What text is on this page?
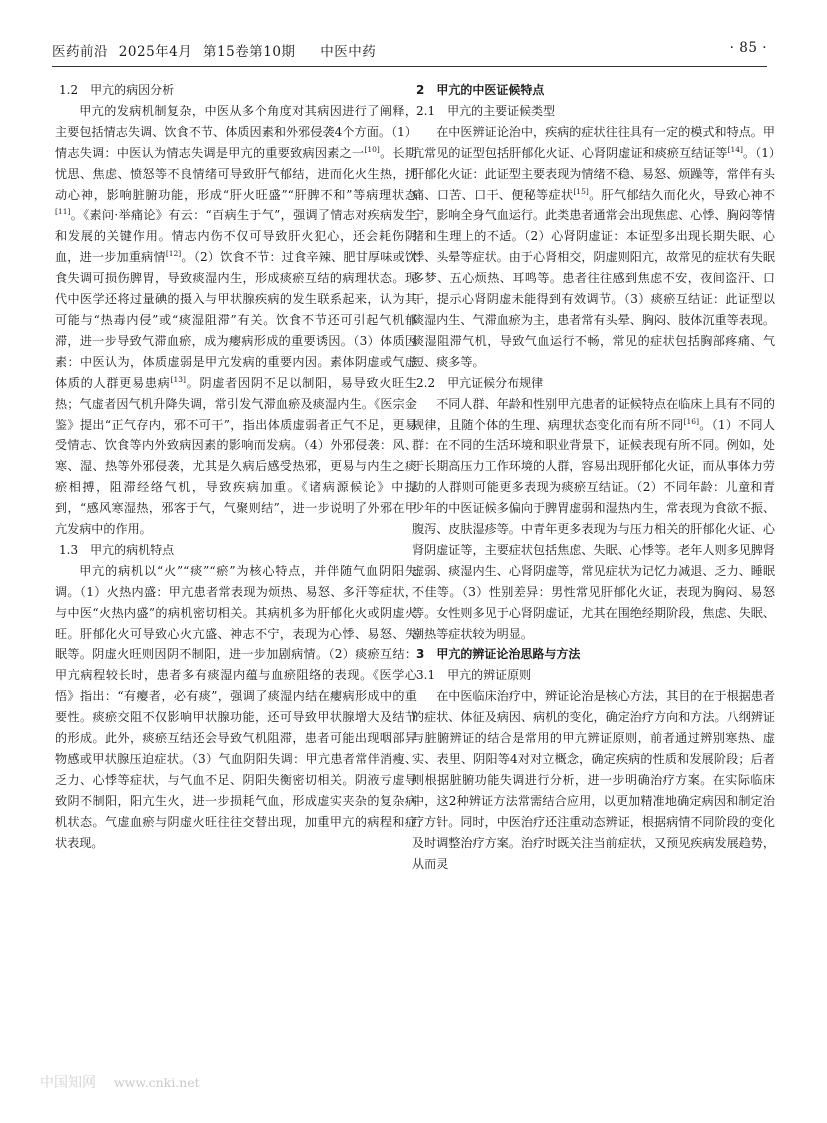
医药前沿 2025年4月 第15卷第10期 中医中药	· 85 ·

1.2　甲亢的病因分析

甲亢的发病机制复杂，中医从多个角度对其病因进行了阐释，主要包括情志失调、饮食不节、体质因素和外邪侵袭4个方面。（1）情志失调：中医认为情志失调是甲亢的重要致病因素之一[10]。长期忧思、焦虑、愤怒等不良情绪可导致肝气郁结，进而化火生热，扰动心神，影响脏腑功能，形成“肝火旺盛”“肝脾不和”等病理状态[11]。《素问·举痛论》有云：“百病生于气”，强调了情志对疾病发生和发展的关键作用。情志内伤不仅可导致肝火犯心，还会耗伤阴血，进一步加重病情[12]。（2）饮食不节：过食辛辣、肥甘厚味或饮食失调可损伤脾胃，导致痰湿内生，形成痰瘀互结的病理状态。现代中医学还将过量碘的摄入与甲状腺疾病的发生联系起来，认为其可能与“热毒内侵”或“痰湿阻滞”有关。饮食不节还可引起气机郁滞，进一步导致气滞血瘀，成为瘿病形成的重要诱因。（3）体质因素：中医认为，体质虚弱是甲亢发病的重要内因。素体阴虚或气虚体质的人群更易患病[13]。阴虚者因阴不足以制阳，易导致火旺生热；气虚者因气机升降失调，常引发气滞血瘀及痰湿内生。《医宗金鉴》提出“正气存内，邪不可干”，指出体质虚弱者正气不足，更易受情志、饮食等内外致病因素的影响而发病。（4）外邪侵袭：风、寒、湿、热等外邪侵袭，尤其是久病后感受热邪，更易与内生之痰瘀相搏，阻滞经络气机，导致疾病加重。《诸病源候论》中提到，“感风寒湿热，邪客于气，气聚则结”，进一步说明了外邪在甲亢发病中的作用。

1.3　甲亢的病机特点

甲亢的病机以“火”“痰”“瘀”为核心特点，并伴随气血阴阳失调。（1）火热内盛：甲亢患者常表现为烦热、易怒、多汗等症状，与中医“火热内盛”的病机密切相关。其病机多为肝郁化火或阴虚火旺。肝郁化火可导致心火亢盛、神志不宁，表现为心悸、易怒、失眠等。阴虚火旺则因阴不制阳，进一步加剧病情。（2）痰瘀互结：甲亢病程较长时，患者多有痰湿内蕴与血瘀阻络的表现。《医学心悟》指出：“有瘿者，必有痰”，强调了痰湿内结在瘿病形成中的重要性。痰瘀交阻不仅影响甲状腺功能，还可导致甲状腺增大及结节的形成。此外，痰瘀互结还会导致气机阻滞，患者可能出现咽部异物感或甲状腺压迫症状。（3）气血阴阳失调：甲亢患者常伴消瘦、乏力、心悸等症状，与气血不足、阴阳失衡密切相关。阴液亏虚导致阴不制阳，阳亢生火，进一步损耗气血，形成虚实夹杂的复杂病机状态。气虚血瘀与阴虚火旺往往交替出现，加重甲亢的病程和症状表现。

2　甲亢的中医证候特点

2.1　甲亢的主要证候类型

在中医辨证论治中，疾病的症状往往具有一定的模式和特点。甲亢常见的证型包括肝郁化火证、心肾阴虚证和痰瘀互结证等[14]。（1）肝郁化火证：此证型主要表现为情绪不稳、易怒、烦躁等，常伴有头痛、口苦、口干、便秘等症状[15]。肝气郁结久而化火，导致心神不宁，影响全身气血运行。此类患者通常会出现焦虑、心悸、胸闷等情绪和生理上的不适。（2）心肾阴虚证：本证型多出现长期失眠、心悸、头晕等症状。由于心肾相交，阴虚则阳亢，故常见的症状有失眠多梦、五心烦热、耳鸣等。患者往往感到焦虑不安，夜间盗汗、口干，提示心肾阴虚未能得到有效调节。（3）痰瘀互结证：此证型以痰湿内生、气滞血瘀为主，患者常有头晕、胸闷、肢体沉重等表现。痰湿阻滞气机，导致气血运行不畅，常见的症状包括胸部疼痛、气短、痰多等。

2.2　甲亢证候分布规律

不同人群、年龄和性别甲亢患者的证候特点在临床上具有不同的规律，且随个体的生理、病理状态变化而有所不同[16]。（1）不同人群：在不同的生活环境和职业背景下，证候表现有所不同。例如，处于长期高压力工作环境的人群，容易出现肝郁化火证，而从事体力劳动的人群则可能更多表现为痰瘀互结证。（2）不同年龄：儿童和青少年的中医证候多偏向于脾胃虚弱和湿热内生，常表现为食欲不振、腹泻、皮肤湿疹等。中青年更多表现为与压力相关的肝郁化火证、心肾阴虚证等，主要症状包括焦虑、失眠、心悸等。老年人则多见脾肾虚弱、痰湿内生、心肾阴虚等，常见症状为记忆力减退、乏力、睡眠不佳等。（3）性别差异：男性常见肝郁化火证，表现为胸闷、易怒等。女性则多见于心肾阴虚证，尤其在围绝经期阶段，焦虑、失眠、潮热等症状较为明显。

3　甲亢的辨证论治思路与方法

3.1　甲亢的辨证原则

在中医临床治疗中，辨证论治是核心方法，其目的在于根据患者的症状、体征及病因、病机的变化，确定治疗方向和方法。八纲辨证与脏腑辨证的结合是常用的甲亢辨证原则，前者通过辨别寒热、虚实、表里、阴阳等4对对立概念，确定疾病的性质和发展阶段；后者则根据脏腑功能失调进行分析，进一步明确治疗方案。在实际临床中，这2种辨证方法常需结合应用，以更加精准地确定病因和制定治疗方针。同时，中医治疗还注重动态辨证，根据病情不同阶段的变化及时调整治疗方案。治疗时既关注当前症状，又预见疾病发展趋势，从而灵

中国知网 www.cnki.net
